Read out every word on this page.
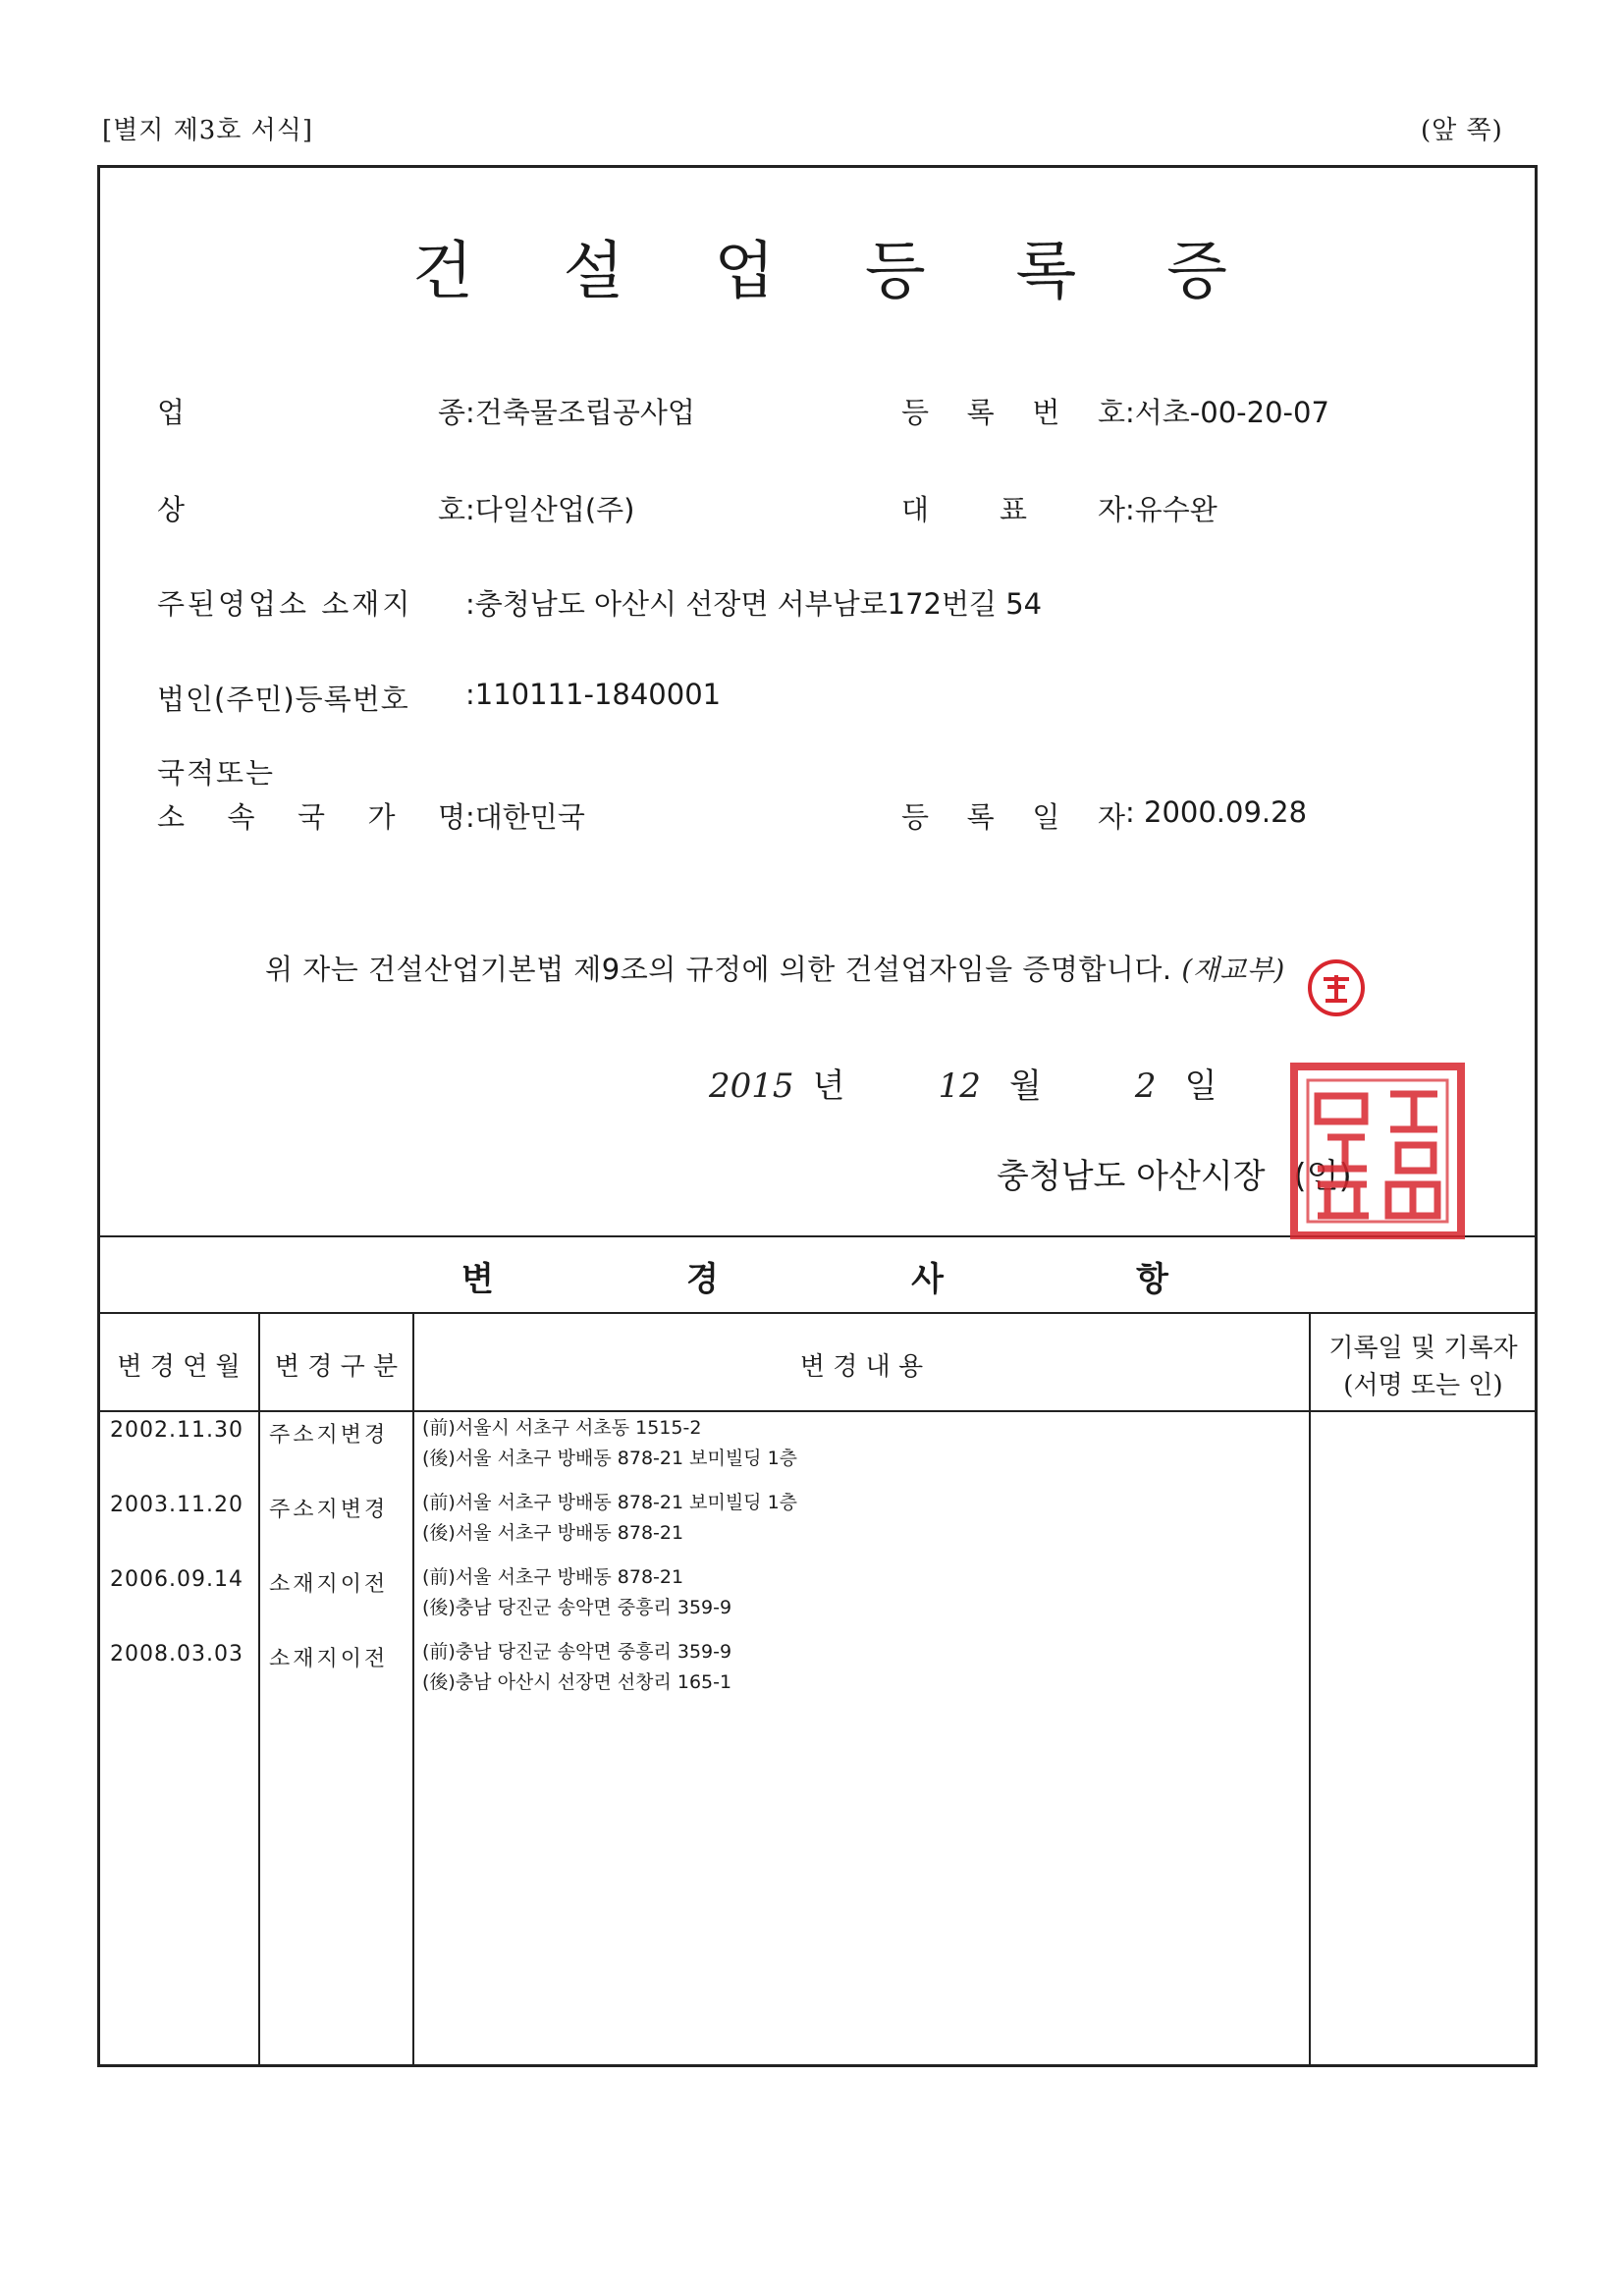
[별지 제3호 서식]	(앞 쪽)
건 설 업 등 록 증
업	종 :건축물조립공사업	등 록 번 호 :서초-00-20-07
상	호 :다일산업(주)	대 표 자 :유수완
주된영업소 소재지 :충청남도 아산시 선장면 서부남로172번길 54
법인(주민)등록번호 :110111-1840001
국적또는
소 속 국 가 명 :대한민국	등 록 일 자 : 2000.09.28
위 자는 건설산업기본법 제9조의 규정에 의한 건설업자임을 증명합니다. (재교부)
2015 년	12 월	2 일
충청남도 아산시장 (인)
변	경	사	항
변 경 연 월	변 경 구 분	변 경 내 용
기록일 및 기록자
(서명 또는 인)
2002.11.30 주소지변경 (前)서울시 서초구 서초동 1515-2
(後)서울 서초구 방배동 878-21 보미빌딩 1층
2003.11.20 주소지변경 (前)서울 서초구 방배동 878-21 보미빌딩 1층
(後)서울 서초구 방배동 878-21
2006.09.14 소재지이전 (前)서울 서초구 방배동 878-21
(後)충남 당진군 송악면 중흥리 359-9
2008.03.03 소재지이전 (前)충남 당진군 송악면 중흥리 359-9
(後)충남 아산시 선장면 선창리 165-1
